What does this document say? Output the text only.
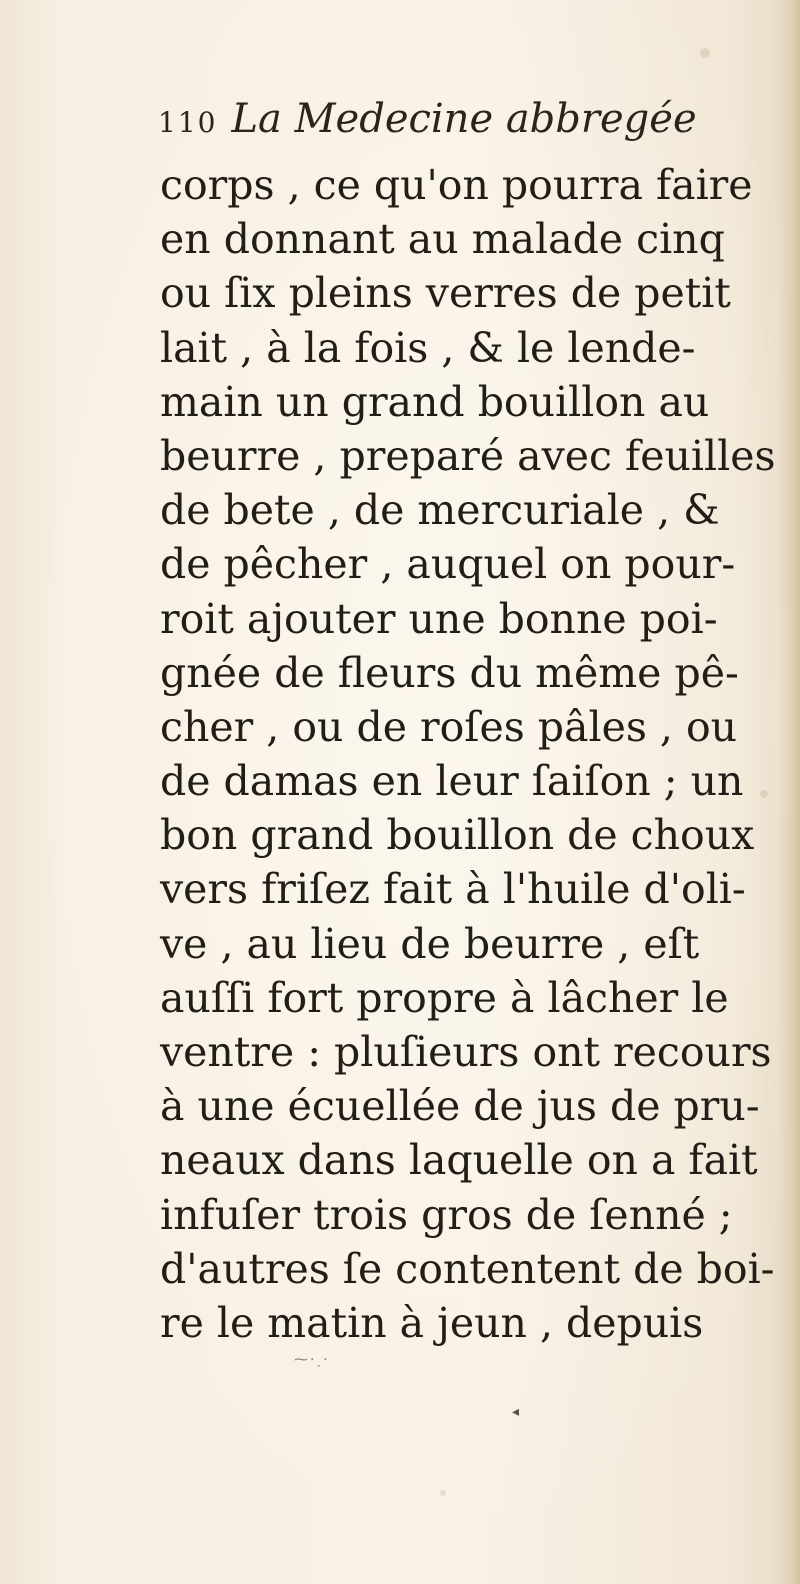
110 La Medecine abbregée
corps , ce qu'on pourra faire
en donnant au malade cinq
ou ſix pleins verres de petit
lait , à la fois , & le lende-
main un grand bouillon au
beurre , preparé avec feuilles
de bete , de mercuriale , &
de pêcher , auquel on pour-
roit ajouter une bonne poi-
gnée de fleurs du même pê-
cher , ou de roſes pâles , ou
de damas en leur ſaiſon ; un
bon grand bouillon de choux
vers friſez fait à l'huile d'oli-
ve , au lieu de beurre , eſt
auſſi fort propre à lâcher le
ventre : pluſieurs ont recours
à une écuellée de jus de pru-
neaux dans laquelle on a fait
infuſer trois gros de ſenné ;
d'autres ſe contentent de boi-
re le matin à jeun , depuis
⁓·ˎ·
◂
